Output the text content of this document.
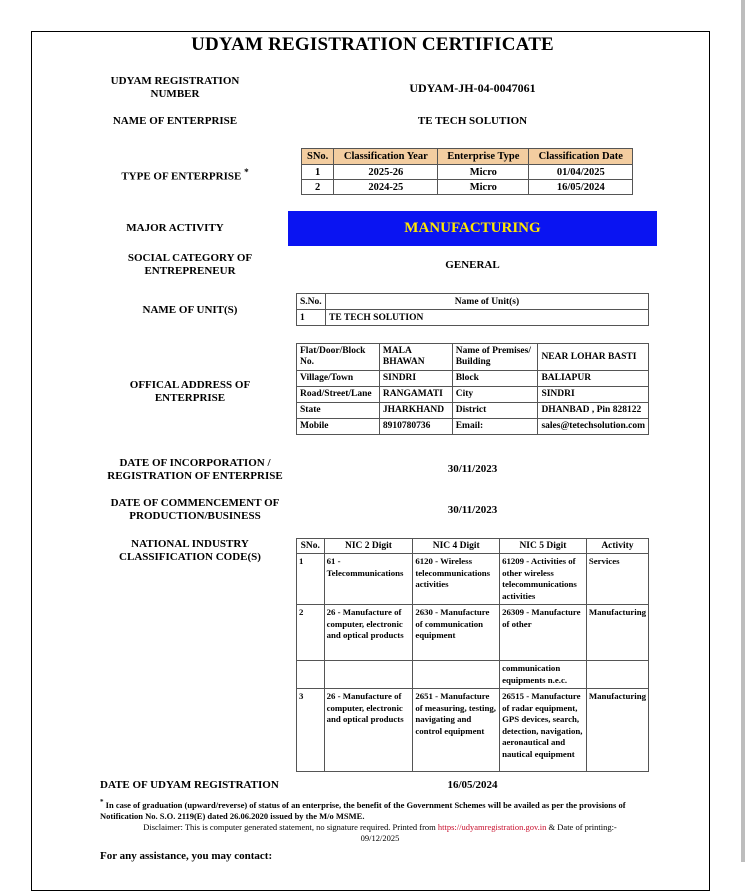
UDYAM REGISTRATION CERTIFICATE
UDYAM REGISTRATION NUMBER	UDYAM-JH-04-0047061
NAME OF ENTERPRISE	TE TECH SOLUTION
TYPE OF ENTERPRISE *
SNo.	Classification Year	Enterprise Type	Classification Date
1	2025-26	Micro	01/04/2025
2	2024-25	Micro	16/05/2024
MAJOR ACTIVITY	MANUFACTURING
SOCIAL CATEGORY OF ENTREPRENEUR	GENERAL
NAME OF UNIT(S)
S.No.	Name of Unit(s)
1	TE TECH SOLUTION
OFFICAL ADDRESS OF ENTERPRISE
Flat/Door/Block No.	MALA BHAWAN	Name of Premises/ Building	NEAR LOHAR BASTI
Village/Town	SINDRI	Block	BALIAPUR
Road/Street/Lane	RANGAMATI	City	SINDRI
State	JHARKHAND	District	DHANBAD , Pin 828122
Mobile	8910780736	Email:	sales@tetechsolution.com
DATE OF INCORPORATION / REGISTRATION OF ENTERPRISE
30/11/2023
DATE OF COMMENCEMENT OF PRODUCTION/BUSINESS	30/11/2023
NATIONAL INDUSTRY CLASSIFICATION CODE(S)
SNo.	NIC 2 Digit	NIC 4 Digit	NIC 5 Digit	Activity
1	61 - Telecommunications	6120 - Wireless telecommunications activities	61209 - Activities of other wireless telecommunications activities	Services
2	26 - Manufacture of computer, electronic and optical products	2630 - Manufacture of communication equipment	26309 - Manufacture of other	Manufacturing
			communication equipments n.e.c.	
3	26 - Manufacture of computer, electronic and optical products	2651 - Manufacture of measuring, testing, navigating and control equipment	26515 - Manufacture of radar equipment, GPS devices, search, detection, navigation, aeronautical and nautical equipment	Manufacturing
DATE OF UDYAM REGISTRATION	16/05/2024
* In case of graduation (upward/reverse) of status of an enterprise, the benefit of the Government Schemes will be availed as per the provisions of Notification No. S.O. 2119(E) dated 26.06.2020 issued by the M/o MSME.
Disclaimer: This is computer generated statement, no signature required. Printed from https://udyamregistration.gov.in & Date of printing:-
09/12/2025
For any assistance, you may contact:
